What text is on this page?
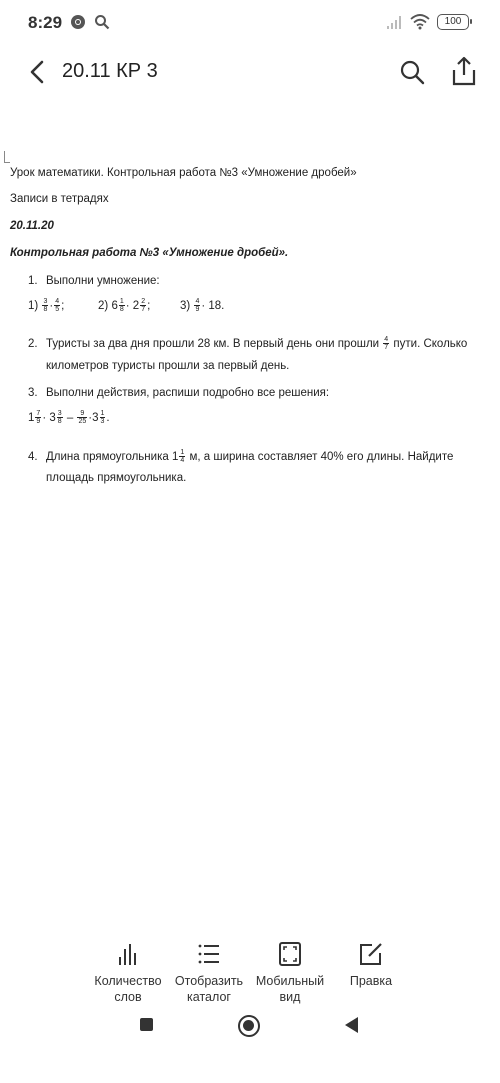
8:29	100
20.11 КР 3
Урок математики. Контрольная работа №3 «Умножение дробей»
Записи в тетрадях
20.11.20
Контрольная работа №3 «Умножение дробей».
1. Выполни умножение:
$1) \frac{3}{8} \cdot \frac{4}{5}$ ;	2) $6 \frac{1}{8} \cdot 2 \frac{2}{7}$ ;	$3) \frac{4}{9} \cdot 18$.
2. Туристы за два дня прошли 28 км. В первый день они прошли $\frac{4}{7}$ пути. Сколько
километров туристы прошли за первый день.
3. Выполни действия, распиши подробно все решения:
$1 \frac{7}{9} \cdot 3 \frac{3}{8} - \frac{9}{25} \cdot 3 \frac{1}{3}$ .
4. Длина прямоугольника $1 \frac{1}{4} м$, а ширина составляет 40% его длины. Найдите
площадь прямоугольника.
Количество слов
Отобразить каталог
Мобильный вид
Правка
